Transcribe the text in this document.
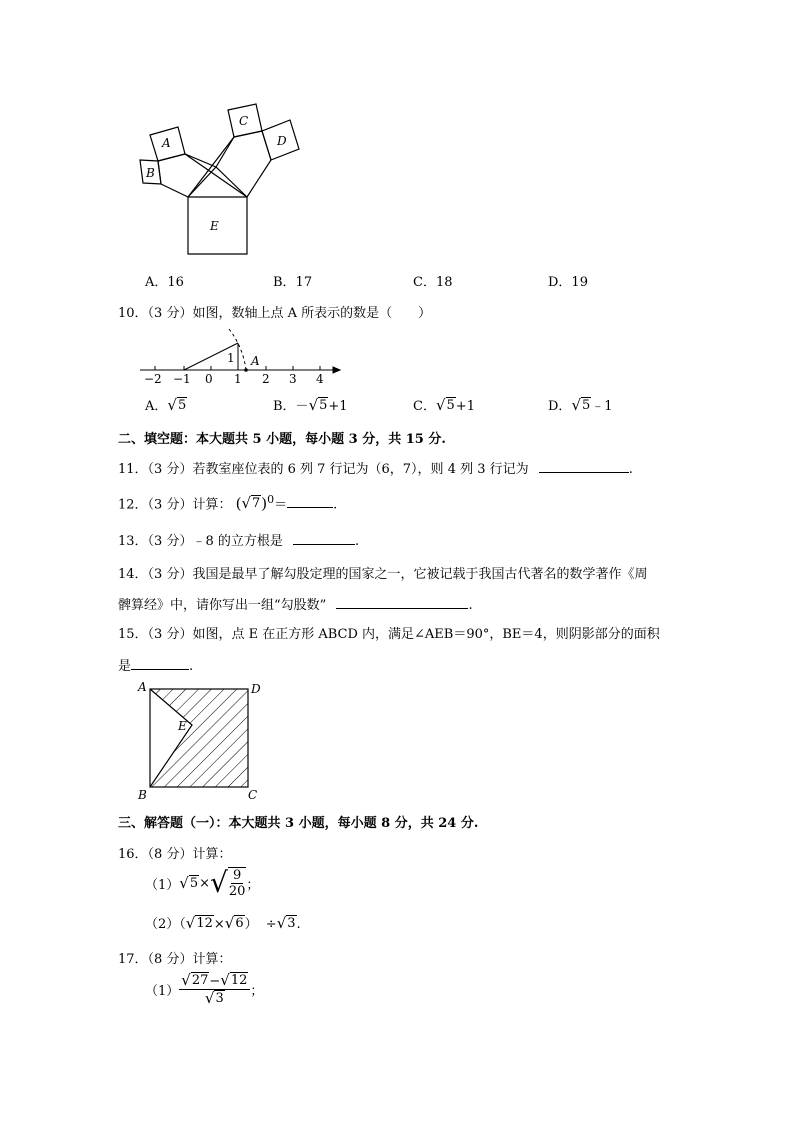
A
B
C
D
E
A．16	B．17	C．18	D．19
10．（3 分）如图，数轴上点 A 所表示的数是（　　）
−2 −1 0 1 2 3 4
1 A
A． √ 5	B．－ √ 5 +1	C． √ 5 +1	D． √ 5 ﹣1
二、填空题：本大题共 5 小题，每小题 3 分，共 15 分.
11．（3 分）若教室座位表的 6 列 7 行记为（6，7），则 4 列 3 行记为	.
12．（3 分）计算： ( √ 7 )$^0$＝	.
13．（3 分）﹣8 的立方根是	.
14．（3 分）我国是最早了解勾股定理的国家之一，它被记载于我国古代著名的数学著作《周
髀算经》中，请你写出一组“勾股数”	.
15．（3 分）如图，点 E 在正方形 ABCD 内，满足∠AEB＝90°，BE＝4，则阴影部分的面积
是	.
A	D
E
B	C
三、解答题（一）：本大题共 3 小题，每小题 8 分，共 24 分.
16．（8 分）计算：
（1） √ 5 × √ $\frac{9}{20}$ ；
（2）（ √ 12 × √ 6 ） ÷ √ 3 .
17．（8 分）计算：
$(1) \frac{√ 27 - √ 12}{√ 3}$ ；
